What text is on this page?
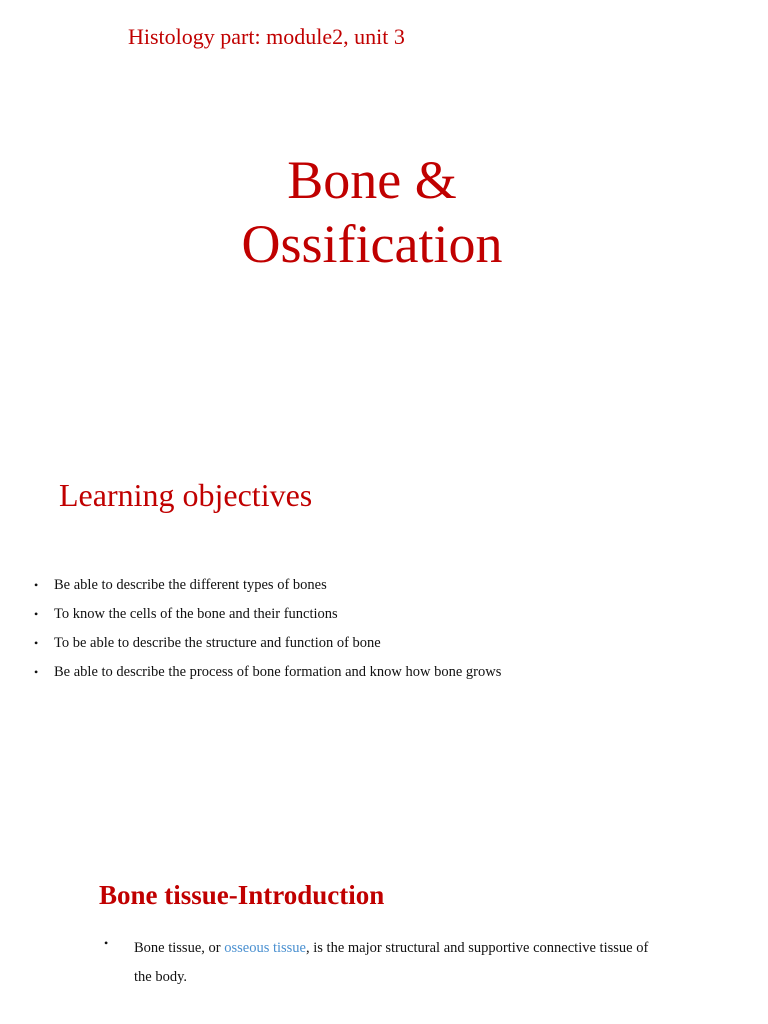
Histology part: module2, unit 3
Bone &
Ossification
Learning objectives
• Be able to describe the different types of bones
• To know the cells of the bone and their functions
• To be able to describe the structure and function of bone
• Be able to describe the process of bone formation and know how bone grows
Bone tissue-Introduction
• Bone tissue, or osseous tissue, is the major structural and supportive connective tissue of the body.
